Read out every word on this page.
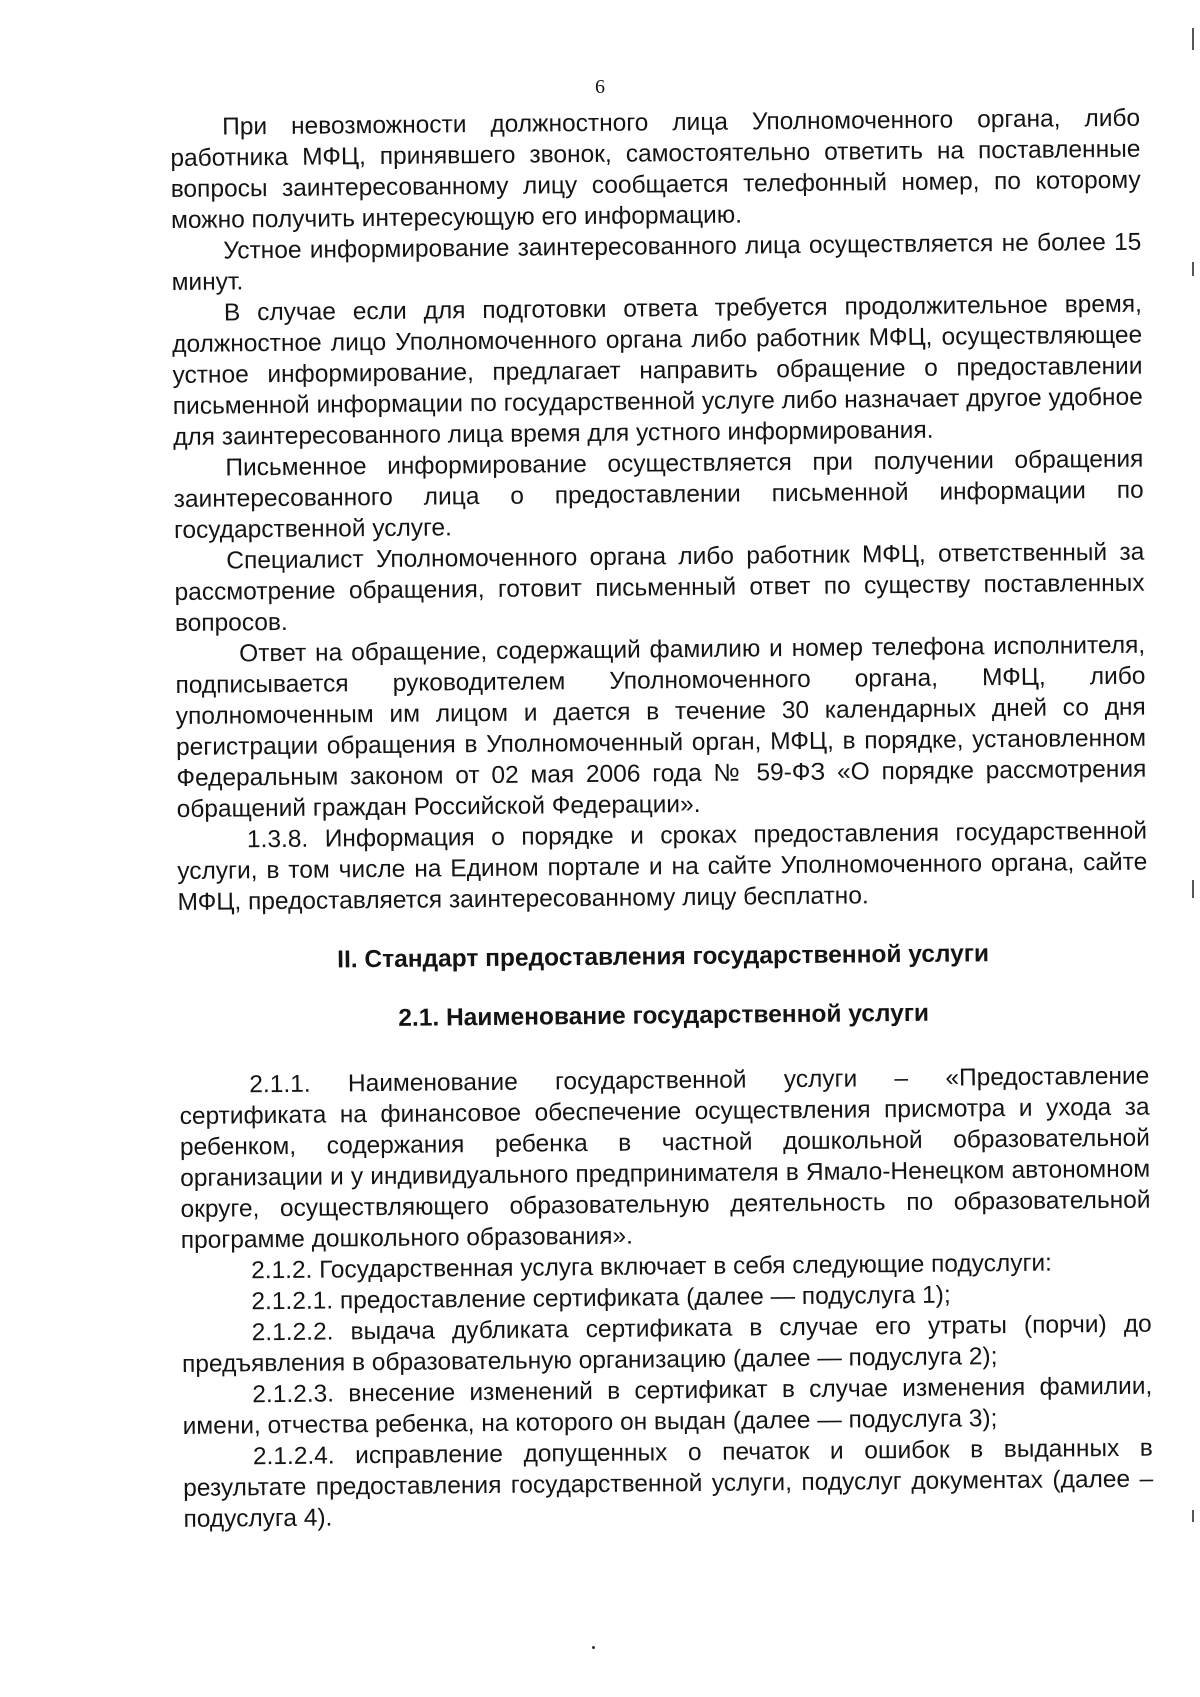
6

При невозможности должностного лица Уполномоченного органа, либо работника МФЦ, принявшего звонок, самостоятельно ответить на поставленные вопросы заинтересованному лицу сообщается телефонный номер, по которому можно получить интересующую его информацию.

Устное информирование заинтересованного лица осуществляется не более 15 минут.

В случае если для подготовки ответа требуется продолжительное время, должностное лицо Уполномоченного органа либо работник МФЦ, осуществляющее устное информирование, предлагает направить обращение о предоставлении письменной информации по государственной услуге либо назначает другое удобное для заинтересованного лица время для устного информирования.

Письменное информирование осуществляется при получении обращения заинтересованного лица о предоставлении письменной информации по государственной услуге.

Специалист Уполномоченного органа либо работник МФЦ, ответственный за рассмотрение обращения, готовит письменный ответ по существу поставленных вопросов.

Ответ на обращение, содержащий фамилию и номер телефона исполнителя, подписывается руководителем Уполномоченного органа, МФЦ, либо уполномоченным им лицом и дается в течение 30 календарных дней со дня регистрации обращения в Уполномоченный орган, МФЦ, в порядке, установленном Федеральным законом от 02 мая 2006 года № 59-ФЗ «О порядке рассмотрения обращений граждан Российской Федерации».

1.3.8. Информация о порядке и сроках предоставления государственной услуги, в том числе на Едином портале и на сайте Уполномоченного органа, сайте МФЦ, предоставляется заинтересованному лицу бесплатно.

II. Стандарт предоставления государственной услуги

2.1. Наименование государственной услуги

2.1.1. Наименование государственной услуги – «Предоставление сертификата на финансовое обеспечение осуществления присмотра и ухода за ребенком, содержания ребенка в частной дошкольной образовательной организации и у индивидуального предпринимателя в Ямало-Ненецком автономном округе, осуществляющего образовательную деятельность по образовательной программе дошкольного образования».

2.1.2. Государственная услуга включает в себя следующие подуслуги:

2.1.2.1. предоставление сертификата (далее — подуслуга 1);

2.1.2.2. выдача дубликата сертификата в случае его утраты (порчи) до предъявления в образовательную организацию (далее — подуслуга 2);

2.1.2.3. внесение изменений в сертификат в случае изменения фамилии, имени, отчества ребенка, на которого он выдан (далее — подуслуга 3);

2.1.2.4. исправление допущенных о печаток и ошибок в выданных в результате предоставления государственной услуги, подуслуг документах (далее – подуслуга 4).
